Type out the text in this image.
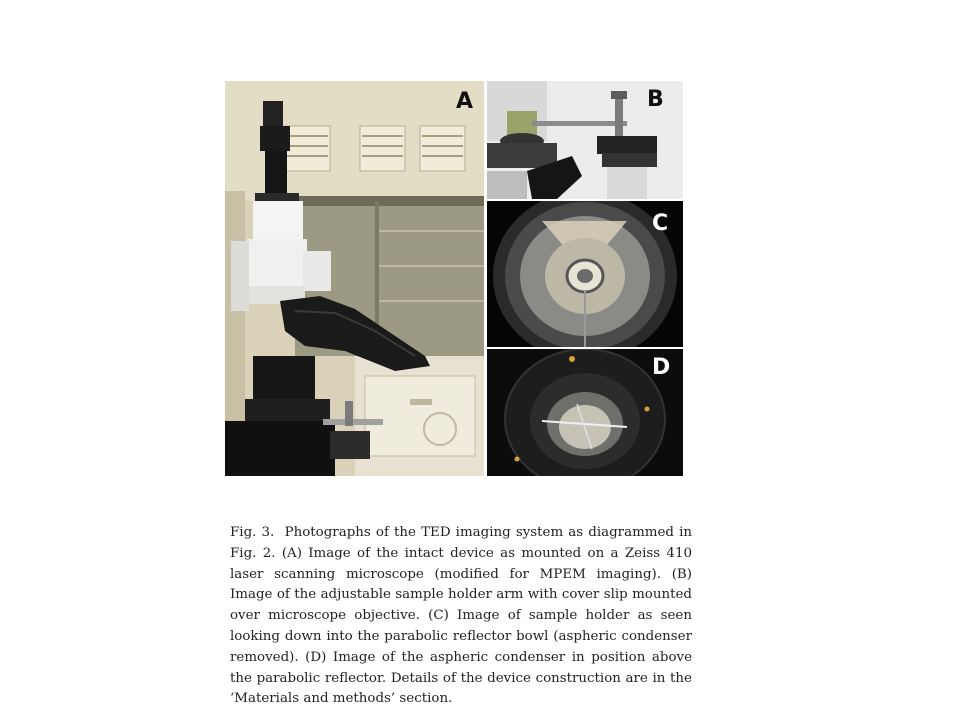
A	B
C
D

Fig. 3. Photographs of the TED imaging system as diagrammed in Fig. 2. (A) Image of the intact device as mounted on a Zeiss 410 laser scanning microscope (modified for MPEM imaging). (B) Image of the adjustable sample holder arm with cover slip mounted over microscope objective. (C) Image of sample holder as seen looking down into the parabolic reflector bowl (aspheric condenser removed). (D) Image of the aspheric condenser in position above the parabolic reflector. Details of the device construction are in the ‘Materials and methods’ section.
